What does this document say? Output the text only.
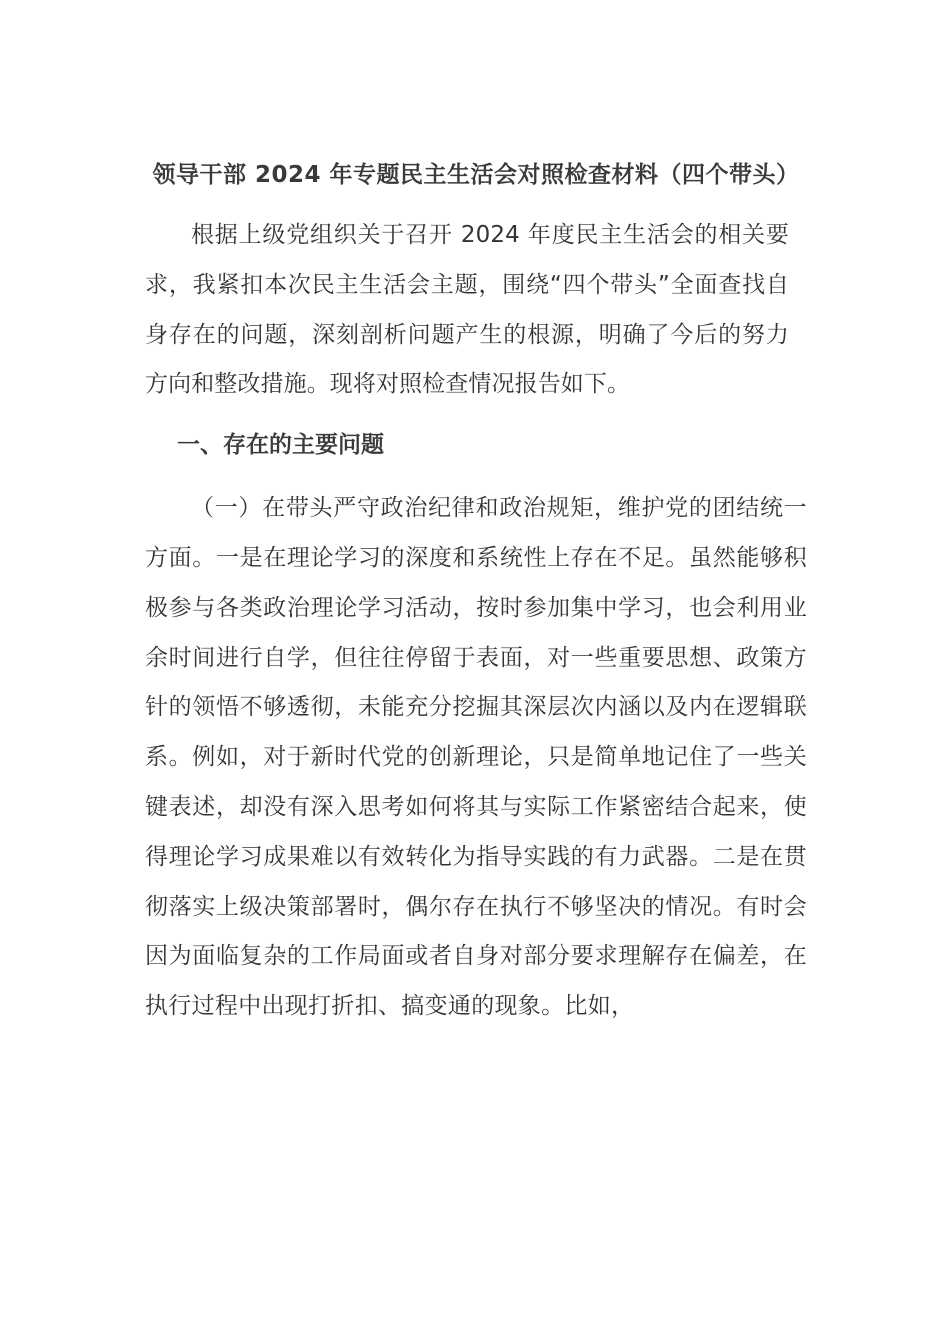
领导干部 2024 年专题民主生活会对照检查材料（四个带头）

根据上级党组织关于召开 2024 年度民主生活会的相关要求，我紧扣本次民主生活会主题，围绕“四个带头”全面查找自身存在的问题，深刻剖析问题产生的根源，明确了今后的努力方向和整改措施。现将对照检查情况报告如下。

一、存在的主要问题

（一）在带头严守政治纪律和政治规矩，维护党的团结统一方面。一是在理论学习的深度和系统性上存在不足。虽然能够积极参与各类政治理论学习活动，按时参加集中学习，也会利用业余时间进行自学，但往往停留于表面，对一些重要思想、政策方针的领悟不够透彻，未能充分挖掘其深层次内涵以及内在逻辑联系。例如，对于新时代党的创新理论，只是简单地记住了一些关键表述，却没有深入思考如何将其与实际工作紧密结合起来，使得理论学习成果难以有效转化为指导实践的有力武器。二是在贯彻落实上级决策部署时，偶尔存在执行不够坚决的情况。有时会因为面临复杂的工作局面或者自身对部分要求理解存在偏差，在执行过程中出现打折扣、搞变通的现象。比如，
